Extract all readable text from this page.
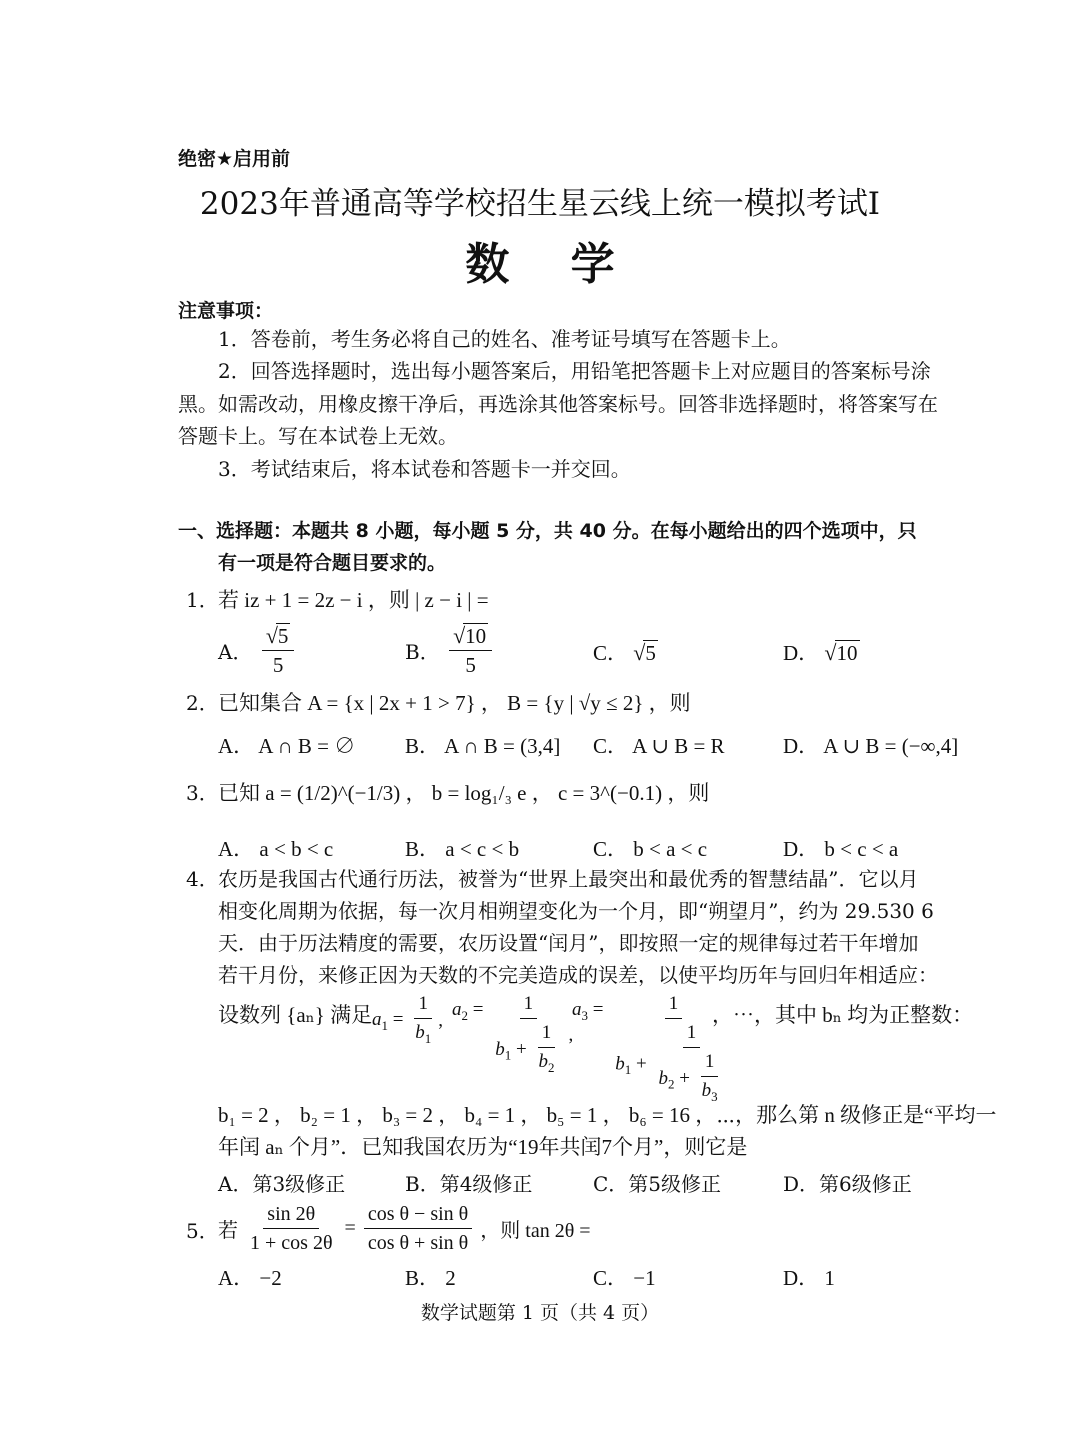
绝密★启用前
2023年普通高等学校招生星云线上统一模拟考试Ⅰ
数    学
注意事项：
1．答卷前，考生务必将自己的姓名、准考证号填写在答题卡上。
2．回答选择题时，选出每小题答案后，用铅笔把答题卡上对应题目的答案标号涂
黑。如需改动，用橡皮擦干净后，再选涂其他答案标号。回答非选择题时，将答案写在
答题卡上。写在本试卷上无效。
3．考试结束后，将本试卷和答题卡一并交回。
一、选择题：本题共 8 小题，每小题 5 分，共 40 分。在每小题给出的四个选项中，只
有一项是符合题目要求的。
1． 若 iz + 1 = 2z − i ，则 | z − i | =
A． $\frac{√5}{5}$	B． $\frac{√10}{5}$	C． √5	D． √10
2． 已知集合 A = {x | 2x + 1 > 7} ， B = {y | √y ≤ 2} ，则
A． A ∩ B = ∅ B． A ∩ B = (3,4] C． A ∪ B = R	D． A ∪ B = (−∞,4]
3． 已知 a = (1/2)^(−1/3) ， b = log₁/₃ e ， c = 3^(−0.1) ，则
A． a < b < c	B． a < c < b	C． b < a < c	D． b < c < a
4． 农历是我国古代通行历法，被誉为“世界上最突出和最优秀的智慧结晶”．它以月
相变化周期为依据，每一次月相朔望变化为一个月，即“朔望月”，约为 29.530 6
天．由于历法精度的需要，农历设置“闰月”，即按照一定的规律每过若干年增加
若干月份，来修正因为天数的不完美造成的误差，以使平均历年与回归年相适应：
设数列 {aₙ} 满足 $a_1 = \frac{1}{b_1}$ ,
$a_2 = \frac{1}{b_1 + \frac{1}{b_2}}$ ,
$a_3 = \frac{1}{b_1 + \frac{1}{b_2 + \frac{1}{b_3}}}$
，⋯，其中 bₙ 均为正整数：
b₁ = 2 ， b₂ = 1 ， b₃ = 2 ， b₄ = 1 ， b₅ = 1 ， b₆ = 16 ，⋯，那么第 n 级修正是“平均一
年闰 aₙ 个月”．已知我国农历为“19年共闰7个月”，则它是
A．第3级修正	B．第4级修正	C．第5级修正	D．第6级修正
5． 若 $\frac{\sin 2\theta}{1 + \cos 2\theta} = \frac{\text{cos θ − sin θ}}{\text{cos θ + sin θ}}$ ，则 tan 2θ =
A． −2	B． 2	C． −1	D． 1
数学试题第 1 页（共 4 页）
